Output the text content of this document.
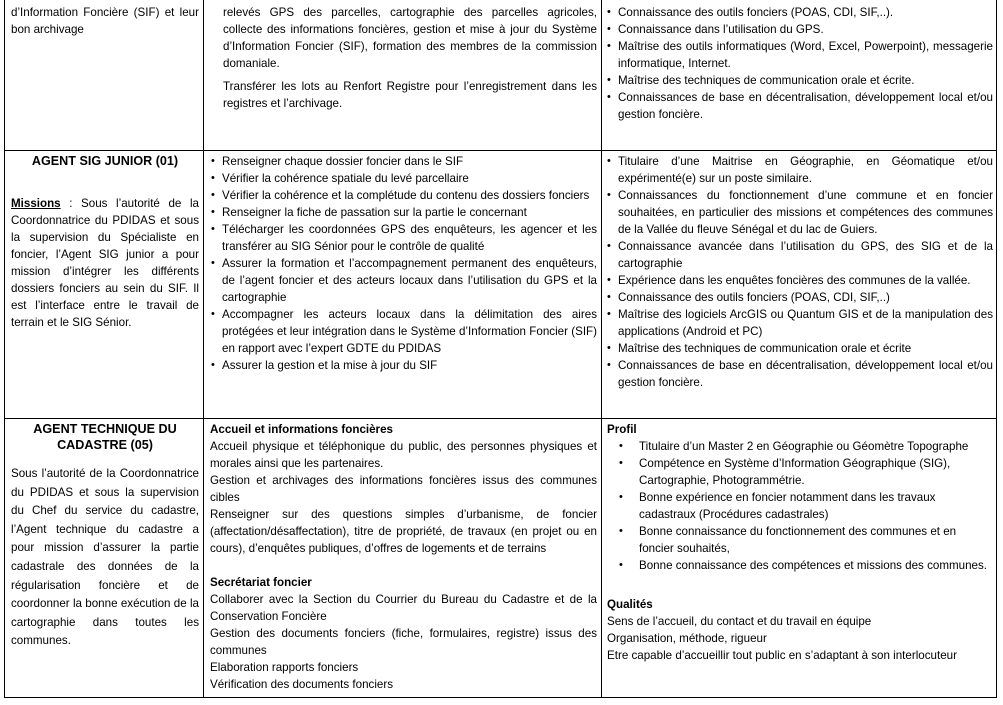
d’Information Foncière (SIF) et leur bon archivage

relevés GPS des parcelles, cartographie des parcelles agricoles, collecte des informations foncières, gestion et mise à jour du Système d’Information Foncier (SIF), formation des membres de la commission domaniale.

Transférer les lots au Renfort Registre pour l’enregistrement dans les registres et l’archivage.

• Connaissance des outils fonciers (POAS, CDI, SIF,..).
• Connaissance dans l’utilisation du GPS.
• Maîtrise des outils informatiques (Word, Excel, Powerpoint), messagerie informatique, Internet.
• Maîtrise des techniques de communication orale et écrite.
• Connaissances de base en décentralisation, développement local et/ou gestion foncière.

AGENT SIG JUNIOR (01)

Missions : Sous l’autorité de la Coordonnatrice du PDIDAS et sous la supervision du Spécialiste en foncier, l’Agent SIG junior a pour mission d’intégrer les différents dossiers fonciers au sein du SIF. Il est l’interface entre le travail de terrain et le SIG Sénior.

• Renseigner chaque dossier foncier dans le SIF
• Vérifier la cohérence spatiale du levé parcellaire
• Vérifier la cohérence et la complétude du contenu des dossiers fonciers
• Renseigner la fiche de passation sur la partie le concernant
• Télécharger les coordonnées GPS des enquêteurs, les agencer et les transférer au SIG Sénior pour le contrôle de qualité
• Assurer la formation et l’accompagnement permanent des enquêteurs, de l’agent foncier et des acteurs locaux dans l’utilisation du GPS et la cartographie
• Accompagner les acteurs locaux dans la délimitation des aires protégées et leur intégration dans le Système d’Information Foncier (SIF) en rapport avec l’expert GDTE du PDIDAS
• Assurer la gestion et la mise à jour du SIF
• Titulaire d’une Maitrise en Géographie, en Géomatique et/ou expérimenté(e) sur un poste similaire.
• Connaissances du fonctionnement d’une commune et en foncier souhaitées, en particulier des missions et compétences des communes de la Vallée du fleuve Sénégal et du lac de Guiers.
• Connaissance avancée dans l’utilisation du GPS, des SIG et de la cartographie
• Expérience dans les enquêtes foncières des communes de la vallée.
• Connaissance des outils fonciers (POAS, CDI, SIF,..)
• Maîtrise des logiciels ArcGIS ou Quantum GIS et de la manipulation des applications (Android et PC)
• Maîtrise des techniques de communication orale et écrite
• Connaissances de base en décentralisation, développement local et/ou gestion foncière.

AGENT TECHNIQUE DU CADASTRE (05)

Sous l’autorité de la Coordonnatrice du PDIDAS et sous la supervision du Chef du service du cadastre, l’Agent technique du cadastre a pour mission d’assurer la partie cadastrale des données de la régularisation foncière et de coordonner la bonne exécution de la cartographie dans toutes les communes.

Accueil et informations foncières

Accueil physique et téléphonique du public, des personnes physiques et morales ainsi que les partenaires.

Gestion et archivages des informations foncières issus des communes cibles

Renseigner sur des questions simples d’urbanisme, de foncier (affectation/désaffectation), titre de propriété, de travaux (en projet ou en cours), d’enquêtes publiques, d’offres de logements et de terrains

Secrétariat foncier

Collaborer avec la Section du Courrier du Bureau du Cadastre et de la Conservation Foncière

Gestion des documents fonciers (fiche, formulaires, registre) issus des communes

Elaboration rapports fonciers

Vérification des documents fonciers

Profil

• Titulaire d’un Master 2 en Géographie ou Géomètre Topographe
• Compétence en Système d’Information Géographique (SIG), Cartographie, Photogrammétrie.
• Bonne expérience en foncier notamment dans les travaux cadastraux (Procédures cadastrales)
• Bonne connaissance du fonctionnement des communes et en foncier souhaités,
• Bonne connaissance des compétences et missions des communes.

Qualités

Sens de l’accueil, du contact et du travail en équipe

Organisation, méthode, rigueur

Etre capable d’accueillir tout public en s’adaptant à son interlocuteur
